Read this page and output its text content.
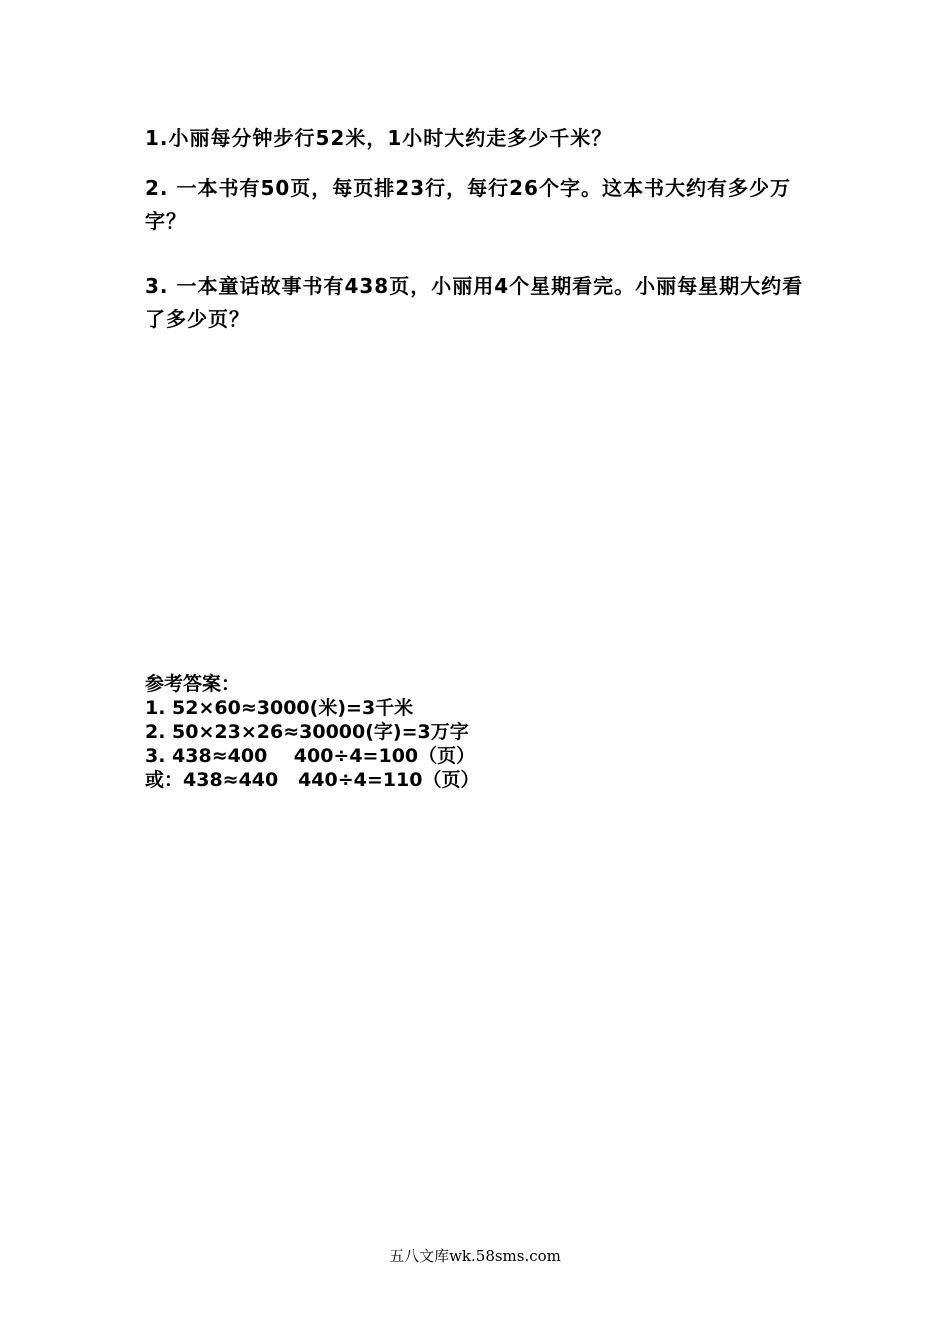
1.小丽每分钟步行52米，1小时大约走多少千米？

2. 一本书有50页，每页排23行，每行26个字。这本书大约有多少万字？

3. 一本童话故事书有438页，小丽用4个星期看完。小丽每星期大约看了多少页？

参考答案：
1. 52×60≈3000(米)=3千米
2. 50×23×26≈30000(字)=3万字
3. 438≈400    400÷4=100（页）
或：438≈440   440÷4=110（页）
五八文库wk.58sms.com
